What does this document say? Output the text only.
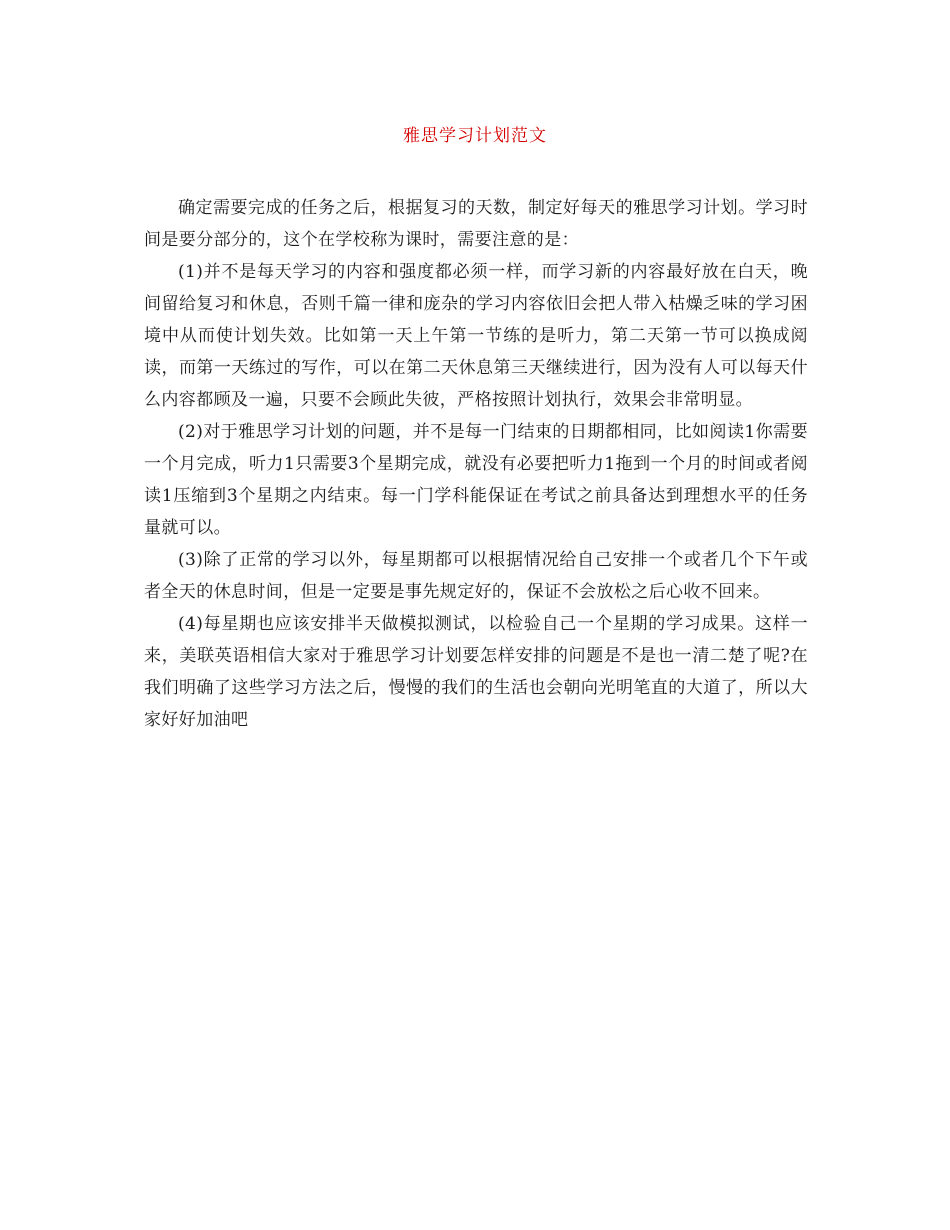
雅思学习计划范文

确定需要完成的任务之后，根据复习的天数，制定好每天的雅思学习计划。学习时间是要分部分的，这个在学校称为课时，需要注意的是：

(1)并不是每天学习的内容和强度都必须一样，而学习新的内容最好放在白天，晚间留给复习和休息，否则千篇一律和庞杂的学习内容依旧会把人带入枯燥乏味的学习困境中从而使计划失效。比如第一天上午第一节练的是听力，第二天第一节可以换成阅读，而第一天练过的写作，可以在第二天休息第三天继续进行，因为没有人可以每天什么内容都顾及一遍，只要不会顾此失彼，严格按照计划执行，效果会非常明显。

(2)对于雅思学习计划的问题，并不是每一门结束的日期都相同，比如阅读1你需要一个月完成，听力1只需要3个星期完成，就没有必要把听力1拖到一个月的时间或者阅读1压缩到3个星期之内结束。每一门学科能保证在考试之前具备达到理想水平的任务量就可以。

(3)除了正常的学习以外，每星期都可以根据情况给自己安排一个或者几个下午或者全天的休息时间，但是一定要是事先规定好的，保证不会放松之后心收不回来。

(4)每星期也应该安排半天做模拟测试，以检验自己一个星期的学习成果。这样一来，美联英语相信大家对于雅思学习计划要怎样安排的问题是不是也一清二楚了呢?在我们明确了这些学习方法之后，慢慢的我们的生活也会朝向光明笔直的大道了，所以大家好好加油吧
